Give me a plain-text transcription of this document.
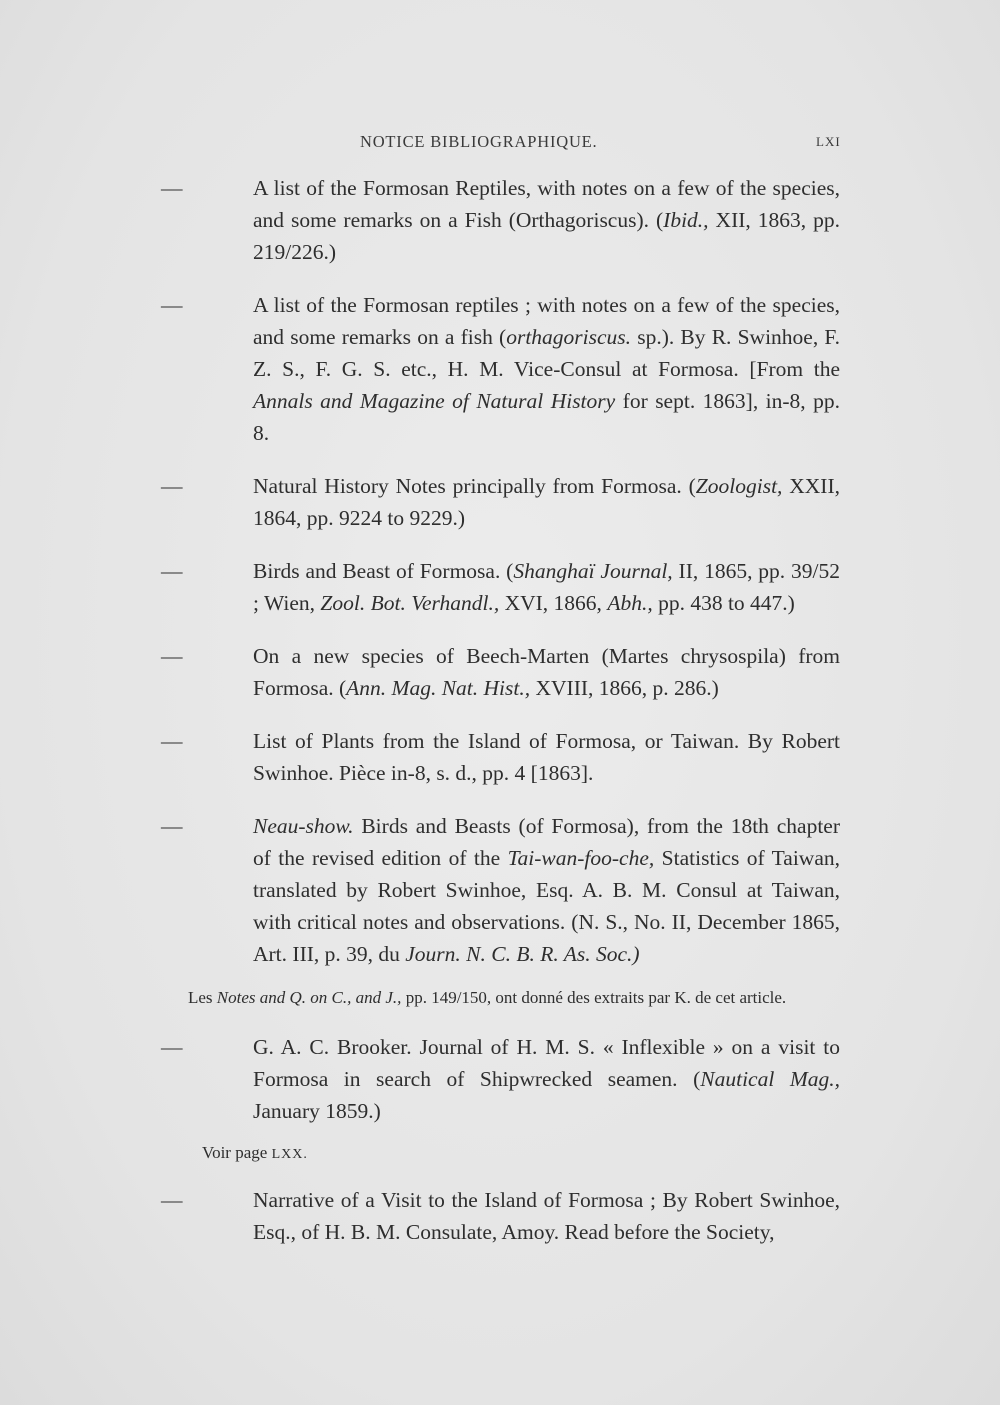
NOTICE BIBLIOGRAPHIQUE.	LXI
—	A list of the Formosan Reptiles, with notes on a few of the species, and some remarks on a Fish (Orthagoriscus). (Ibid., XII, 1863, pp. 219/226.)
—	A list of the Formosan reptiles ; with notes on a few of the species, and some remarks on a fish (orthagoriscus. sp.). By R. Swinhoe, F. Z. S., F. G. S. etc., H. M. Vice-Consul at Formosa. [From the Annals and Magazine of Natural History for sept. 1863], in-8, pp. 8.
—	Natural History Notes principally from Formosa. (Zoologist, XXII, 1864, pp. 9224 to 9229.)
—	Birds and Beast of Formosa. (Shanghaï Journal, II, 1865, pp. 39/52 ; Wien, Zool. Bot. Verhandl., XVI, 1866, Abh., pp. 438 to 447.)
—	On a new species of Beech-Marten (Martes chrysospila) from Formosa. (Ann. Mag. Nat. Hist., XVIII, 1866, p. 286.)
—	List of Plants from the Island of Formosa, or Taiwan. By Robert Swinhoe. Pièce in-8, s. d., pp. 4 [1863].
—	Neau-show. Birds and Beasts (of Formosa), from the 18th chapter of the revised edition of the Tai-wan-foo-che, Statistics of Taiwan, translated by Robert Swinhoe, Esq. A. B. M. Consul at Taiwan, with critical notes and observations. (N. S., No. II, December 1865, Art. III, p. 39, du Journ. N. C. B. R. As. Soc.)
Les Notes and Q. on C., and J., pp. 149/150, ont donné des extraits par K. de cet article.
—	G. A. C. Brooker. Journal of H. M. S. « Inflexible » on a visit to Formosa in search of Shipwrecked seamen. (Nautical Mag., January 1859.)
Voir page LXX.
—	Narrative of a Visit to the Island of Formosa ; By Robert Swinhoe, Esq., of H. B. M. Consulate, Amoy. Read before the Society,
